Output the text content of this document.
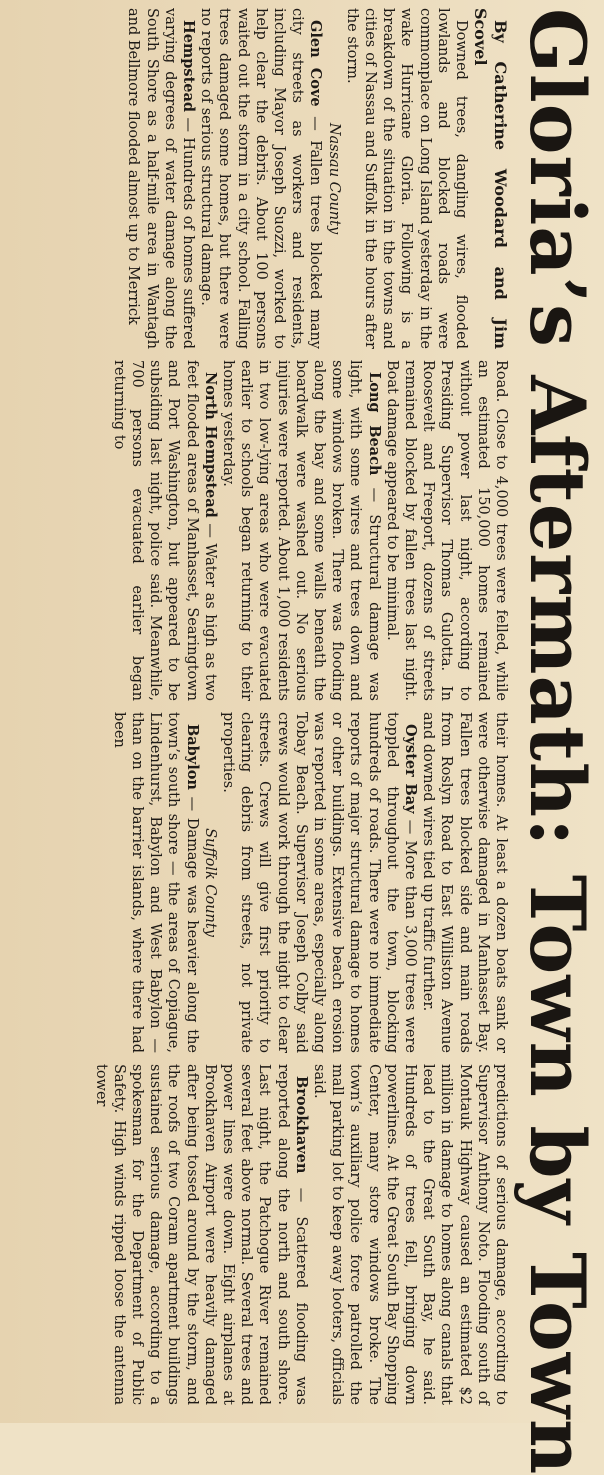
Gloria’s Aftermath: Town by Town

By Catherine Woodard and Jim Scovel

Downed trees, dangling wires, flooded lowlands and blocked roads were commonplace on Long Island yesterday in the wake Hurricane Gloria. Following is a breakdown of the situation in the towns and cities of Nassau and Suffolk in the hours after the storm.

Nassau County

Glen Cove — Fallen trees blocked many city streets as workers and residents, including Mayor Joseph Suozzi, worked to help clear the debris. About 100 persons waited out the storm in a city school. Falling trees damaged some homes, but there were no reports of serious structural damage.

Hempstead — Hundreds of homes suffered varying degrees of water damage along the South Shore as a half-mile area in Wantagh and Bellmore flooded almost up to Merrick

Road. Close to 4,000 trees were felled, while an estimated 150,000 homes remained without power last night, according to Presiding Supervisor Thomas Gulotta. In Roosevelt and Freeport, dozens of streets remained blocked by fallen trees last night. Boat damage appeared to be minimal.

Long Beach — Structural damage was light, with some wires and trees down and some windows broken. There was flooding along the bay and some walls beneath the boardwalk were washed out. No serious injuries were reported. About 1,000 residents in two low-lying areas who were evacuated earlier to schools began returning to their homes yesterday.

North Hempstead — Water as high as two feet flooded areas of Manhasset, Searingtown and Port Washington, but appeared to be subsiding last night, police said. Meanwhile, 700 persons evacuated earlier began returning to

their homes. At least a dozen boats sank or were otherwise damaged in Manhasset Bay. Fallen trees blocked side and main roads from Roslyn Road to East Williston Avenue and downed wires tied up traffic further.

Oyster Bay — More than 3,000 trees were toppled throughout the town, blocking hundreds of roads. There were no immediate reports of major structural damage to homes or other buildings. Extensive beach erosion was reported in some areas, especially along Tobay Beach. Supervisor Joseph Colby said crews would work through the night to clear streets. Crews will give first priority to clearing debris from streets, not private properties.

Suffolk County

Babylon — Damage was heavier along the town’s south shore — the areas of Copiague, Lindenhurst, Babylon and West Babylon — than on the barrier islands, where there had been

predictions of serious damage, according to Supervisor Anthony Noto. Flooding south of Montauk Highway caused an estimated $2 million in damage to homes along canals that lead to the Great South Bay, he said. Hundreds of trees fell, bringing down powerlines. At the Great South Bay Shopping Center, many store windows broke. The town’s auxiliary police force patrolled the mall parking lot to keep away looters, officials said.

Brookhaven — Scattered flooding was reported along the north and south shore. Last night, the Patchogue River remained several feet above normal. Several trees and power lines were down. Eight airplanes at Brookhaven Airport were heavily damaged after being tossed around by the storm, and the roofs of two Coram apartment buildings sustained serious damage, according to a spokesman for the Department of Public Safety. High winds ripped loose the antenna tower
